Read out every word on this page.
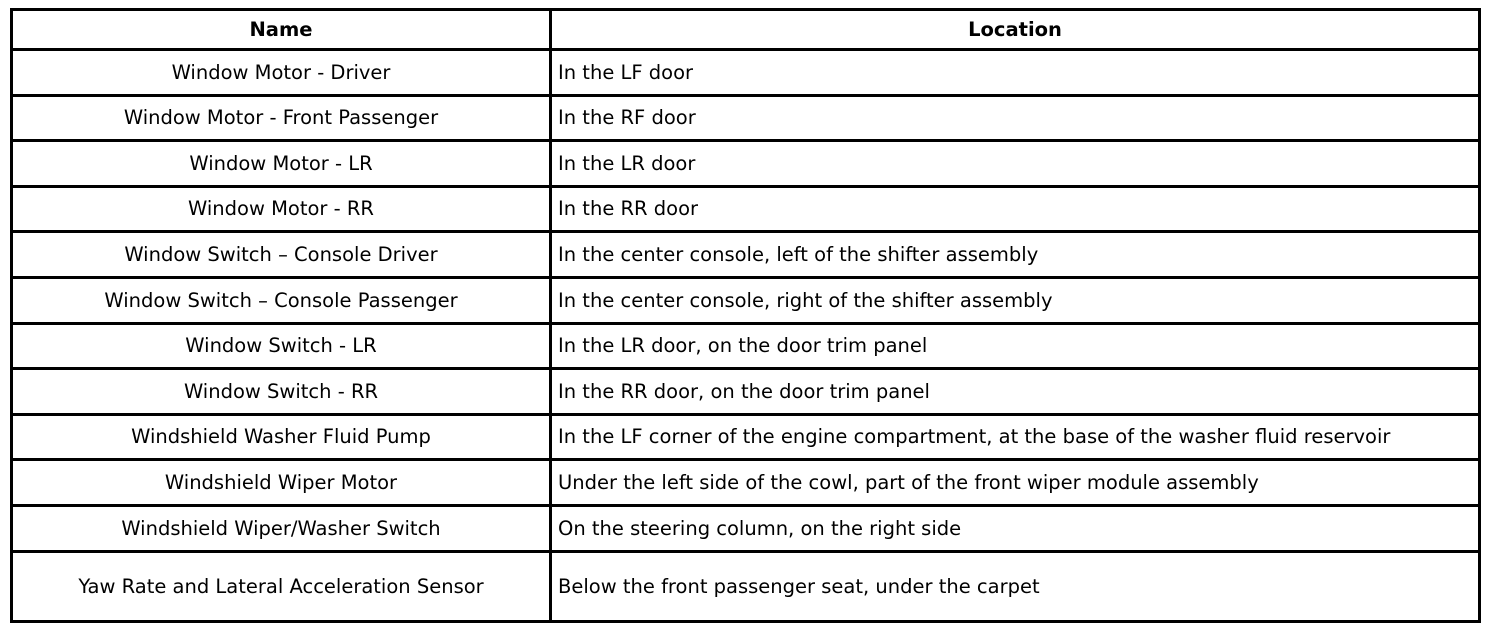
Name	Location
Window Motor - Driver	In the LF door
Window Motor - Front Passenger	In the RF door
Window Motor - LR	In the LR door
Window Motor - RR	In the RR door
Window Switch – Console Driver	In the center console, left of the shifter assembly
Window Switch – Console Passenger	In the center console, right of the shifter assembly
Window Switch - LR	In the LR door, on the door trim panel
Window Switch - RR	In the RR door, on the door trim panel
Windshield Washer Fluid Pump	In the LF corner of the engine compartment, at the base of the washer fluid reservoir
Windshield Wiper Motor	Under the left side of the cowl, part of the front wiper module assembly
Windshield Wiper/Washer Switch	On the steering column, on the right side
Yaw Rate and Lateral Acceleration Sensor	Below the front passenger seat, under the carpet
